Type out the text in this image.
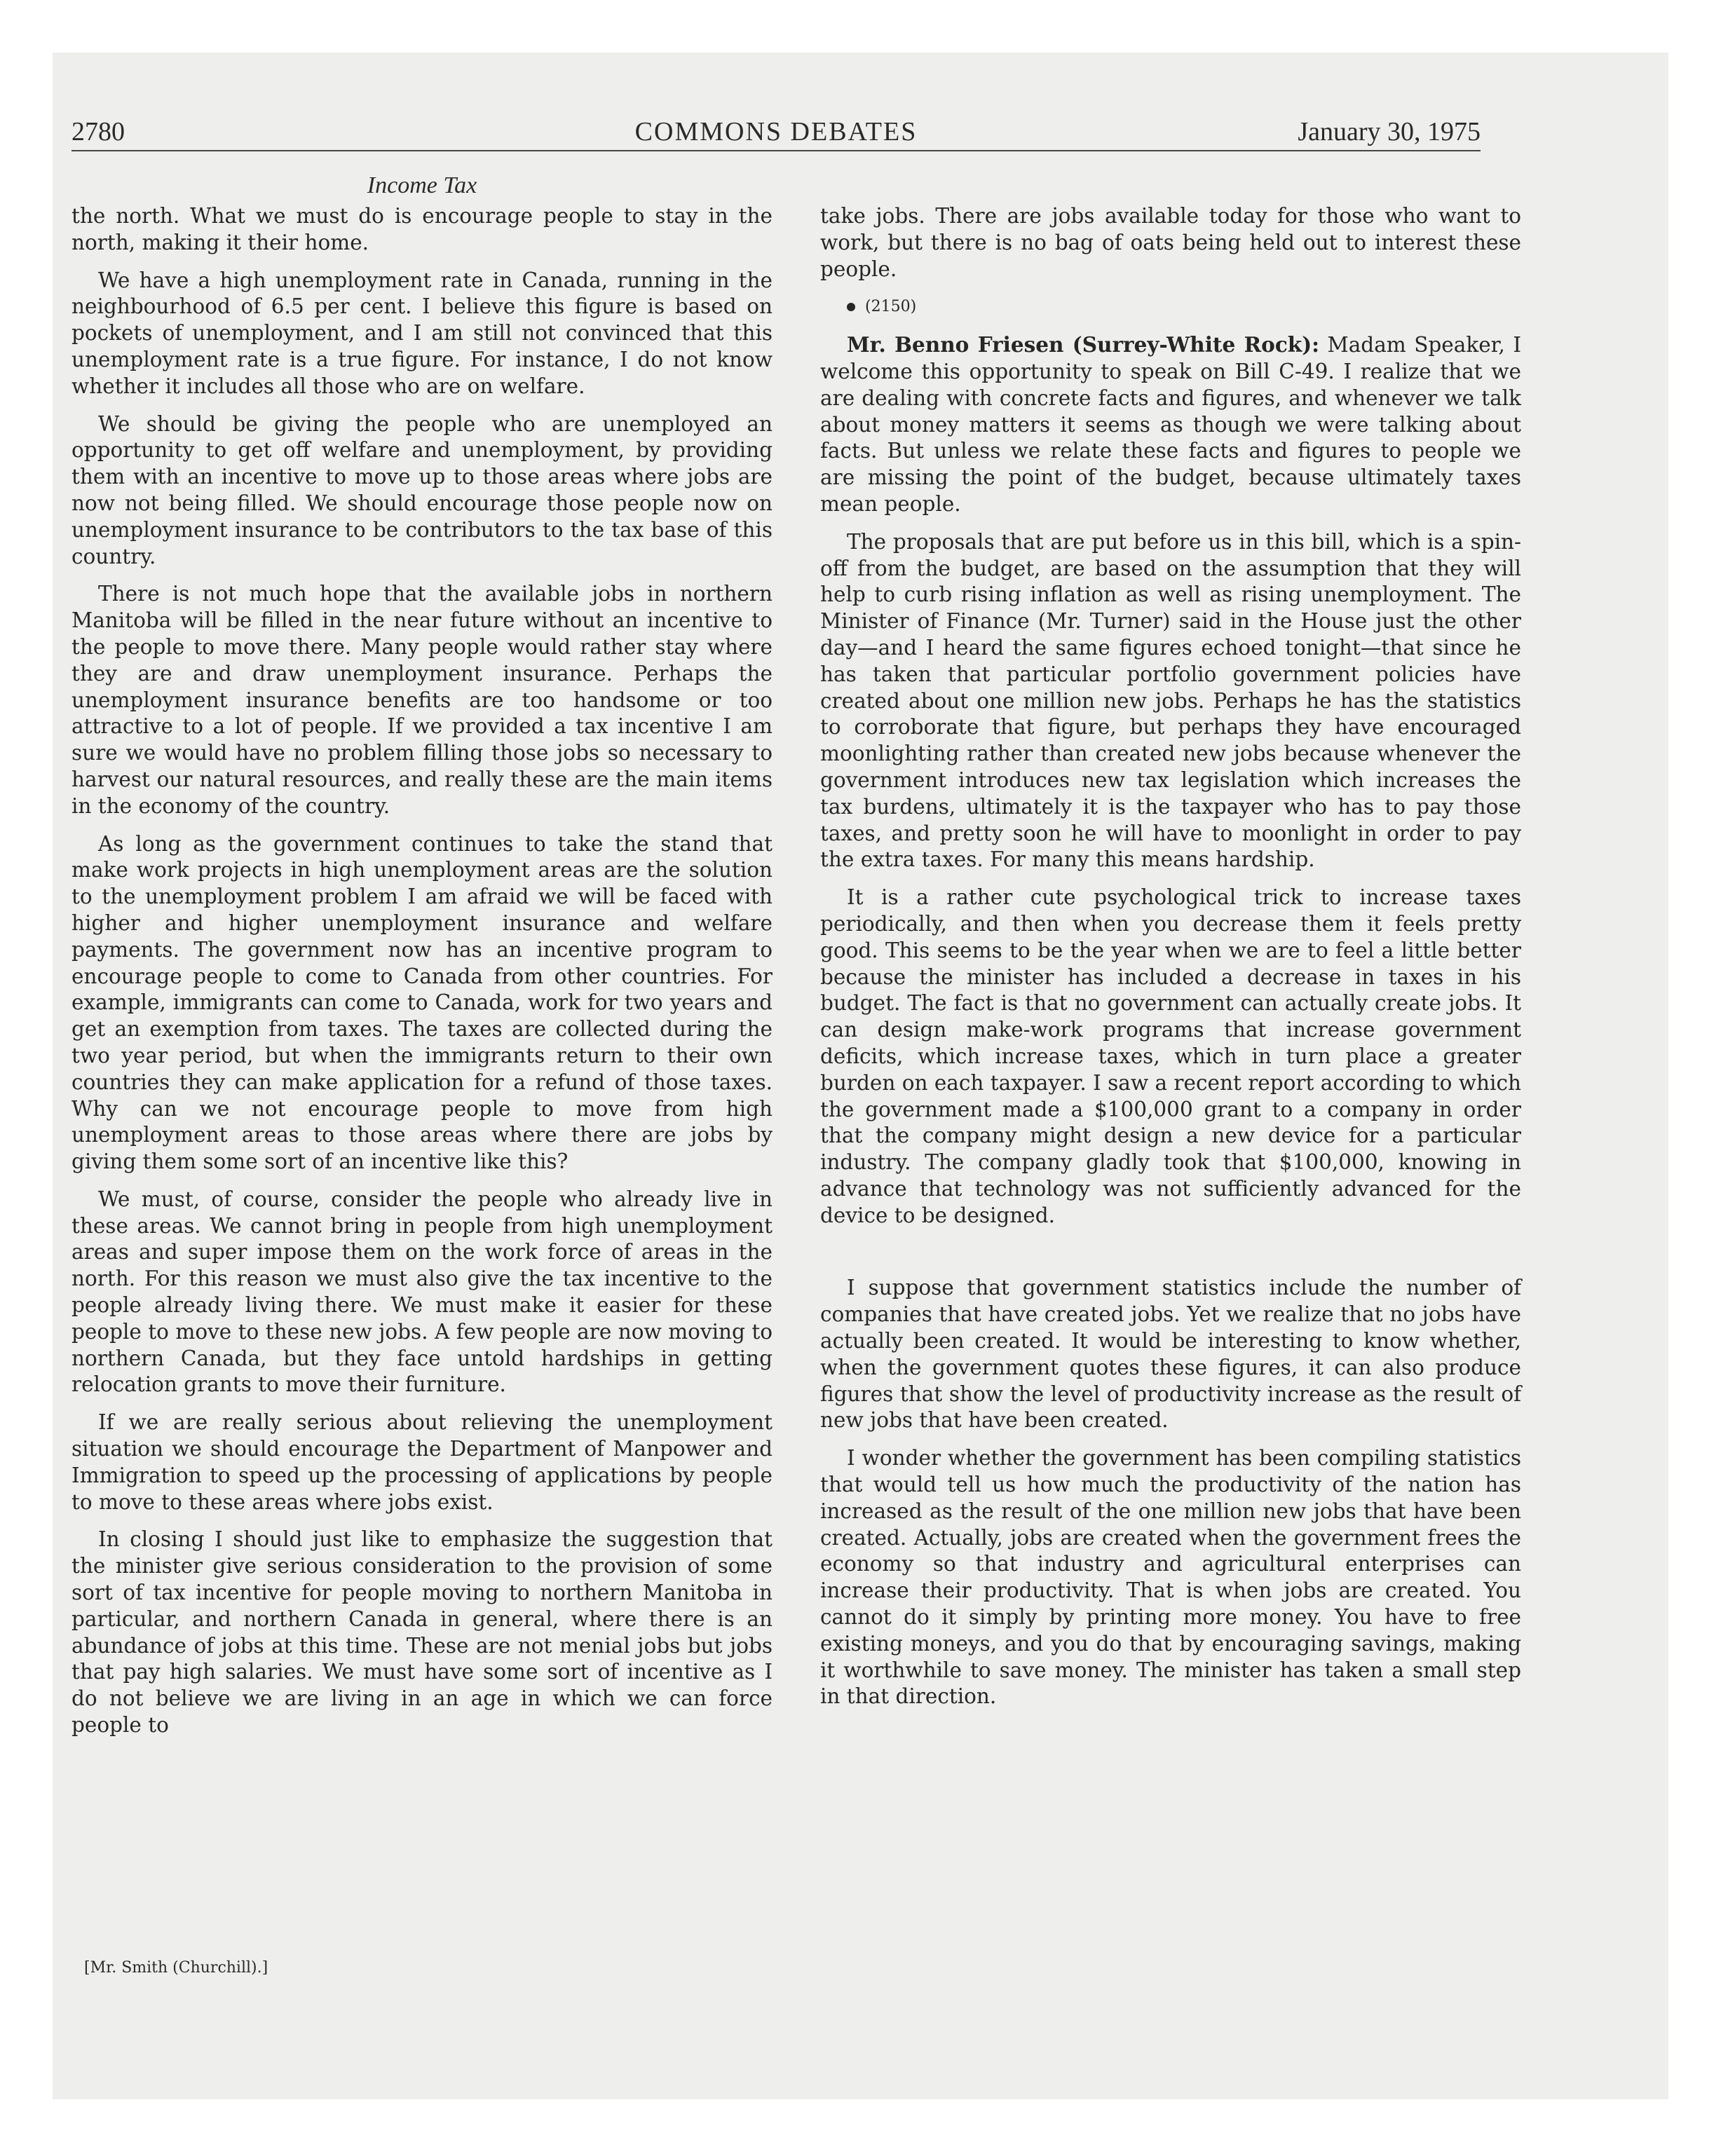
2780	COMMONS DEBATES	January 30, 1975
Income Tax

the north. What we must do is encourage people to stay in the north, making it their home.

We have a high unemployment rate in Canada, running in the neighbourhood of 6.5 per cent. I believe this figure is based on pockets of unemployment, and I am still not convinced that this unemployment rate is a true figure. For instance, I do not know whether it includes all those who are on welfare.

We should be giving the people who are unemployed an opportunity to get off welfare and unemployment, by providing them with an incentive to move up to those areas where jobs are now not being filled. We should encourage those people now on unemployment insurance to be contributors to the tax base of this country.

There is not much hope that the available jobs in northern Manitoba will be filled in the near future without an incentive to the people to move there. Many people would rather stay where they are and draw unemployment insurance. Perhaps the unemployment insurance benefits are too handsome or too attractive to a lot of people. If we provided a tax incentive I am sure we would have no problem filling those jobs so necessary to harvest our natural resources, and really these are the main items in the economy of the country.

As long as the government continues to take the stand that make work projects in high unemployment areas are the solution to the unemployment problem I am afraid we will be faced with higher and higher unemployment insurance and welfare payments. The government now has an incentive program to encourage people to come to Canada from other countries. For example, immigrants can come to Canada, work for two years and get an exemption from taxes. The taxes are collected during the two year period, but when the immigrants return to their own countries they can make application for a refund of those taxes. Why can we not encourage people to move from high unemployment areas to those areas where there are jobs by giving them some sort of an incentive like this?

We must, of course, consider the people who already live in these areas. We cannot bring in people from high unemployment areas and super impose them on the work force of areas in the north. For this reason we must also give the tax incentive to the people already living there. We must make it easier for these people to move to these new jobs. A few people are now moving to northern Canada, but they face untold hardships in getting relocation grants to move their furniture.

If we are really serious about relieving the unemployment situation we should encourage the Department of Manpower and Immigration to speed up the processing of applications by people to move to these areas where jobs exist.

In closing I should just like to emphasize the suggestion that the minister give serious consideration to the provision of some sort of tax incentive for people moving to northern Manitoba in particular, and northern Canada in general, where there is an abundance of jobs at this time. These are not menial jobs but jobs that pay high salaries. We must have some sort of incentive as I do not believe we are living in an age in which we can force people to

[Mr. Smith (Churchill).]

take jobs. There are jobs available today for those who want to work, but there is no bag of oats being held out to interest these people.

(2150)

Mr. Benno Friesen (Surrey-White Rock): Madam Speaker, I welcome this opportunity to speak on Bill C-49. I realize that we are dealing with concrete facts and figures, and whenever we talk about money matters it seems as though we were talking about facts. But unless we relate these facts and figures to people we are missing the point of the budget, because ultimately taxes mean people.

The proposals that are put before us in this bill, which is a spin-off from the budget, are based on the assumption that they will help to curb rising inflation as well as rising unemployment. The Minister of Finance (Mr. Turner) said in the House just the other day—and I heard the same figures echoed tonight—that since he has taken that particular portfolio government policies have created about one million new jobs. Perhaps he has the statistics to corroborate that figure, but perhaps they have encouraged moonlighting rather than created new jobs because whenever the government introduces new tax legislation which increases the tax burdens, ultimately it is the taxpayer who has to pay those taxes, and pretty soon he will have to moonlight in order to pay the extra taxes. For many this means hardship.

It is a rather cute psychological trick to increase taxes periodically, and then when you decrease them it feels pretty good. This seems to be the year when we are to feel a little better because the minister has included a decrease in taxes in his budget. The fact is that no government can actually create jobs. It can design make-work programs that increase government deficits, which increase taxes, which in turn place a greater burden on each taxpayer. I saw a recent report according to which the government made a $100,000 grant to a company in order that the company might design a new device for a particular industry. The company gladly took that $100,000, knowing in advance that technology was not sufficiently advanced for the device to be designed.

I suppose that government statistics include the number of companies that have created jobs. Yet we realize that no jobs have actually been created. It would be interesting to know whether, when the government quotes these figures, it can also produce figures that show the level of productivity increase as the result of new jobs that have been created.

I wonder whether the government has been compiling statistics that would tell us how much the productivity of the nation has increased as the result of the one million new jobs that have been created. Actually, jobs are created when the government frees the economy so that industry and agricultural enterprises can increase their productivity. That is when jobs are created. You cannot do it simply by printing more money. You have to free existing moneys, and you do that by encouraging savings, making it worthwhile to save money. The minister has taken a small step in that direction.
